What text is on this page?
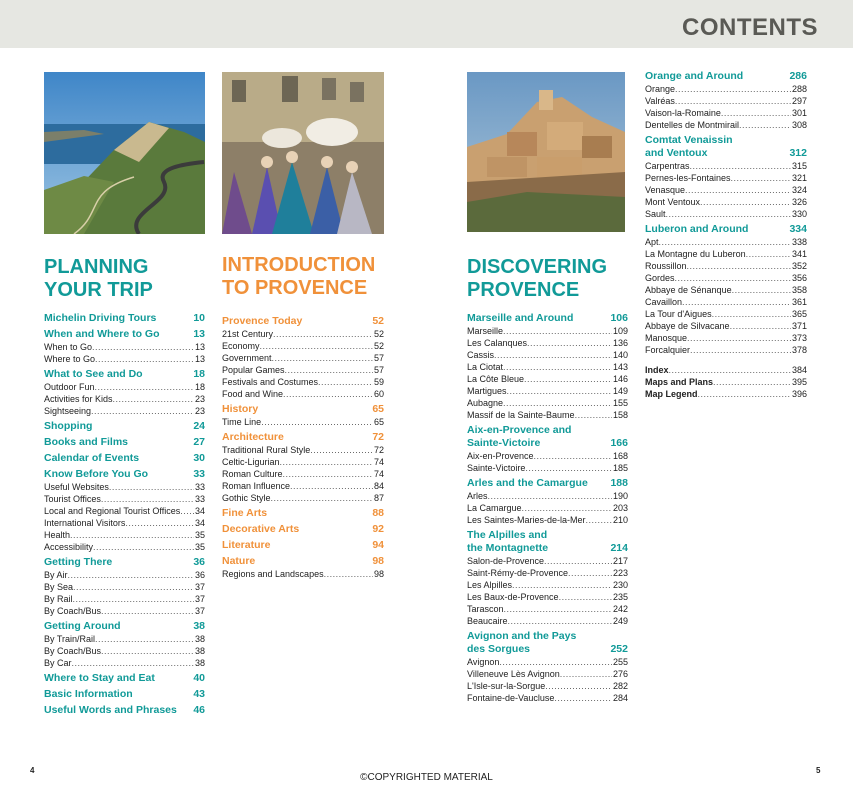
CONTENTS
PLANNING
YOUR TRIP
INTRODUCTION
TO PROVENCE
DISCOVERING
PROVENCE
Michelin Driving Tours	10
When and Where to Go	13
When to Go . . .	13
Where to Go . . .	13
What to See and Do	18
Outdoor Fun . . .	18
Activities for Kids . . .	23
Sightseeing . . .	23
Shopping	24
Books and Films	27
Calendar of Events	30
Know Before You Go	33
Useful Websites . . .	33
Tourist Offices . . .	33
Local and Regional Tourist Offices . . . 34
International Visitors . . .	34
Health . . .	35
Accessibility . . .	35
Getting There	36
By Air . . .	36
By Sea . . .	37
By Rail . . .	37
By Coach/Bus . . .	37
Getting Around	38
By Train/Rail . . .	38
By Coach/Bus . . .	38
By Car . . .	38
Where to Stay and Eat	40
Basic Information	43
Useful Words and Phrases 46
Provence Today	52
21st Century . . .	52
Economy . . .	52
Government . . .	57
Popular Games . . .	57
Festivals and Costumes . . .	59
Food and Wine . . .	60
History	65
Time Line . . .	65
Architecture	72
Traditional Rural Style . . .	72
Celtic-Ligurian . . .	74
Roman Culture . . .	74
Roman Influence . . .	84
Gothic Style . . .	87
Fine Arts	88
Decorative Arts	92
Literature	94
Nature	98
Regions and Landscapes . . .	98
Marseille and Around	106
Marseille . . .	109
Les Calanques . . .	136
Cassis . . .	140
La Ciotat . . .	143
La Côte Bleue . . .	146
Martigues . . .	149
Aubagne . . .	155
Massif de la Sainte-Baume . . .	158
Aix-en-Provence and
Sainte-Victoire	166
Aix-en-Provence . . .	168
Sainte-Victoire . . .	185
Arles and the Camargue 188
Arles . . .	190
La Camargue . . .	203
Les Saintes-Maries-de-la-Mer . . .	210
The Alpilles and
the Montagnette	214
Salon-de-Provence . . .	217
Saint-Rémy-de-Provence . . .	223
Les Alpilles . . .	230
Les Baux-de-Provence . . .	235
Tarascon . . .	242
Beaucaire . . .	249
Avignon and the Pays
des Sorgues	252
Avignon . . .	255
Villeneuve Lès Avignon . . .	276
L'Isle-sur-la-Sorgue . . .	282
Fontaine-de-Vaucluse . . .	284
Orange and Around	286
Orange . . .	288
Valréas . . .	297
Vaison-la-Romaine . . .	301
Dentelles de Montmirail . . .	308
Comtat Venaissin
and Ventoux	312
Carpentras . . .	315
Pernes-les-Fontaines . . .	321
Venasque . . .	324
Mont Ventoux . . .	326
Sault . . .	330
Luberon and Around	334
Apt . . .	338
La Montagne du Luberon . . .	341
Roussillon . . .	352
Gordes . . .	356
Abbaye de Sénanque . . .	358
Cavaillon . . .	361
La Tour d'Aigues . . .	365
Abbaye de Silvacane . . .	371
Manosque . . .	373
Forcalquier . . .	378
Index . . .	384
Maps and Plans . . .	395
Map Legend . . .	396
4	5
©COPYRIGHTED MATERIAL
